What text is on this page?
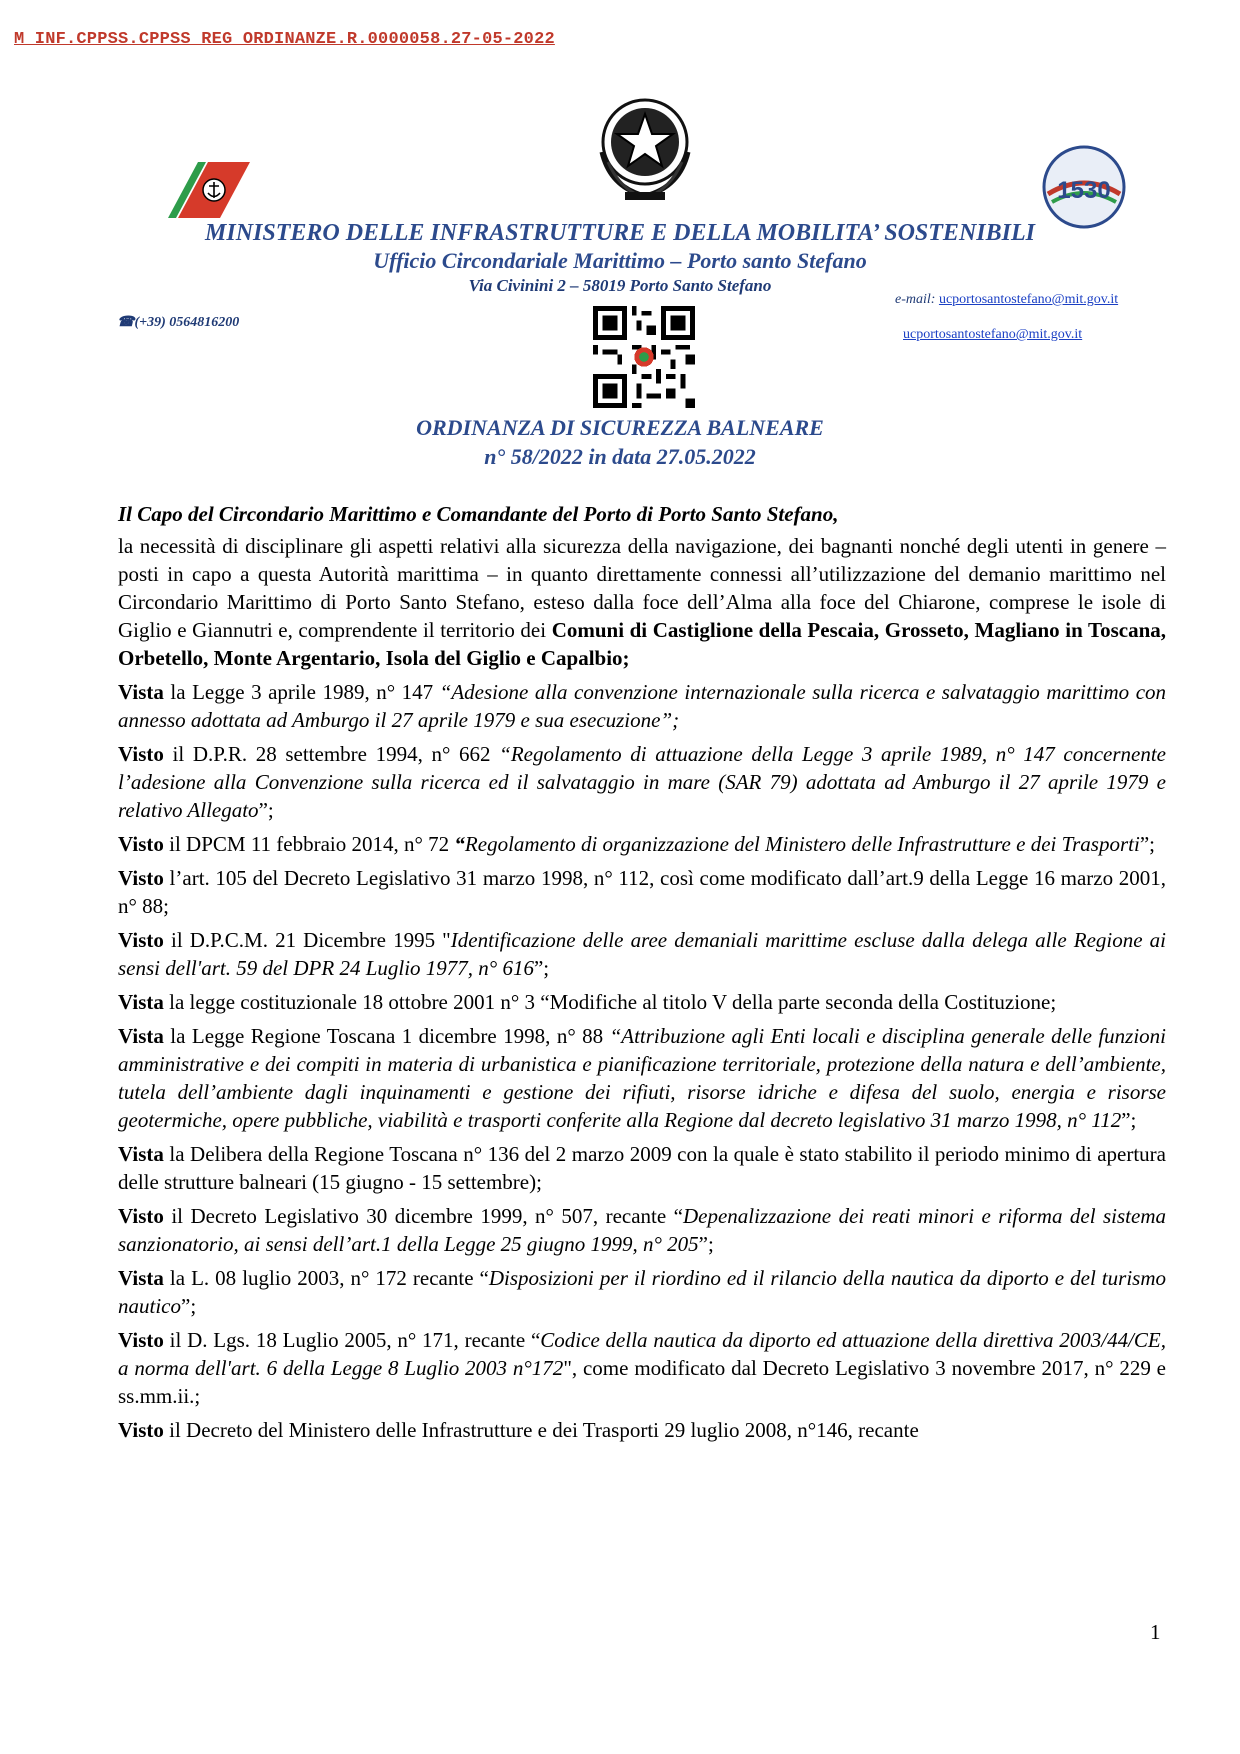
M_INF.CPPSS.CPPSS_REG_ORDINANZE.R.0000058.27-05-2022
1530
MINISTERO DELLE INFRASTRUTTURE E DELLA MOBILITA’ SOSTENIBILI
Ufficio Circondariale Marittimo – Porto santo Stefano
Via Civinini 2 – 58019 Porto Santo Stefano
☎(+39) 0564816200
e-mail: ucportosantostefano@mit.gov.it
ucportosantostefano@mit.gov.it
ORDINANZA DI SICUREZZA BALNEARE
n° 58/2022 in data 27.05.2022

Il Capo del Circondario Marittimo e Comandante del Porto di Porto Santo Stefano,

la necessità di disciplinare gli aspetti relativi alla sicurezza della navigazione, dei bagnanti nonché degli utenti in genere – posti in capo a questa Autorità marittima – in quanto direttamente connessi all’utilizzazione del demanio marittimo nel Circondario Marittimo di Porto Santo Stefano, esteso dalla foce dell’Alma alla foce del Chiarone, comprese le isole di Giglio e Giannutri e, comprendente il territorio dei Comuni di Castiglione della Pescaia, Grosseto, Magliano in Toscana, Orbetello, Monte Argentario, Isola del Giglio e Capalbio;

Vista la Legge 3 aprile 1989, n° 147 “Adesione alla convenzione internazionale sulla ricerca e salvataggio marittimo con annesso adottata ad Amburgo il 27 aprile 1979 e sua esecuzione”;

Visto il D.P.R. 28 settembre 1994, n° 662 “Regolamento di attuazione della Legge 3 aprile 1989, n° 147 concernente l’adesione alla Convenzione sulla ricerca ed il salvataggio in mare (SAR 79) adottata ad Amburgo il 27 aprile 1979 e relativo Allegato”;

Visto il DPCM 11 febbraio 2014, n° 72 “Regolamento di organizzazione del Ministero delle Infrastrutture e dei Trasporti”;

Visto l’art. 105 del Decreto Legislativo 31 marzo 1998, n° 112, così come modificato dall’art.9 della Legge 16 marzo 2001, n° 88;

Visto il D.P.C.M. 21 Dicembre 1995 "Identificazione delle aree demaniali marittime escluse dalla delega alle Regione ai sensi dell'art. 59 del DPR 24 Luglio 1977, n° 616”;

Vista la legge costituzionale 18 ottobre 2001 n° 3 “Modifiche al titolo V della parte seconda della Costituzione;

Vista la Legge Regione Toscana 1 dicembre 1998, n° 88 “Attribuzione agli Enti locali e disciplina generale delle funzioni amministrative e dei compiti in materia di urbanistica e pianificazione territoriale, protezione della natura e dell’ambiente, tutela dell’ambiente dagli inquinamenti e gestione dei rifiuti, risorse idriche e difesa del suolo, energia e risorse geotermiche, opere pubbliche, viabilità e trasporti conferite alla Regione dal decreto legislativo 31 marzo 1998, n° 112”;

Vista la Delibera della Regione Toscana n° 136 del 2 marzo 2009 con la quale è stato stabilito il periodo minimo di apertura delle strutture balneari (15 giugno - 15 settembre);

Visto il Decreto Legislativo 30 dicembre 1999, n° 507, recante “Depenalizzazione dei reati minori e riforma del sistema sanzionatorio, ai sensi dell’art.1 della Legge 25 giugno 1999, n° 205”;

Vista la L. 08 luglio 2003, n° 172 recante “Disposizioni per il riordino ed il rilancio della nautica da diporto e del turismo nautico”;

Visto il D. Lgs. 18 Luglio 2005, n° 171, recante “Codice della nautica da diporto ed attuazione della direttiva 2003/44/CE, a norma dell'art. 6 della Legge 8 Luglio 2003 n°172", come modificato dal Decreto Legislativo 3 novembre 2017, n° 229 e ss.mm.ii.;

Visto il Decreto del Ministero delle Infrastrutture e dei Trasporti 29 luglio 2008, n°146, recante

1
